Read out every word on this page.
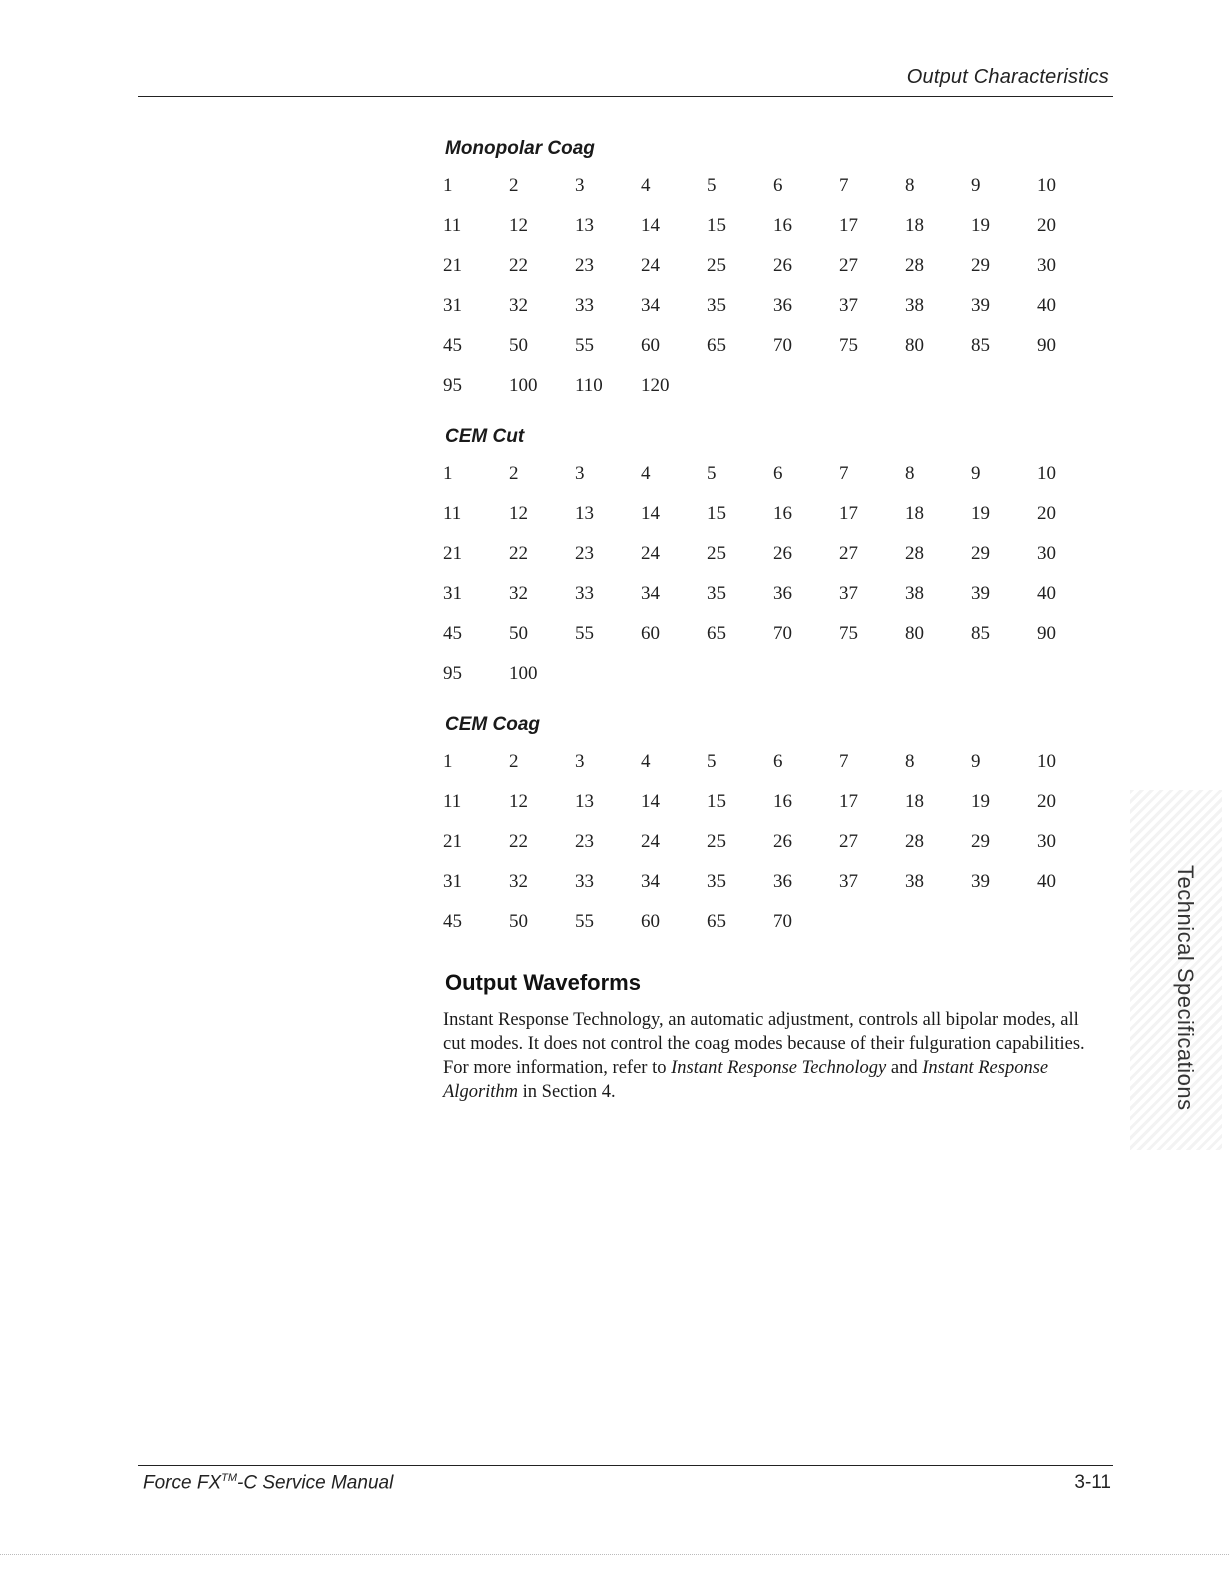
Output Characteristics
Monopolar Coag
1	2	3	4	5	6	7	8	9	10
11	12	13	14	15	16	17	18	19	20
21	22	23	24	25	26	27	28	29	30
31	32	33	34	35	36	37	38	39	40
45	50	55	60	65	70	75	80	85	90
95	100	110	120
CEM Cut
1	2	3	4	5	6	7	8	9	10
11	12	13	14	15	16	17	18	19	20
21	22	23	24	25	26	27	28	29	30
31	32	33	34	35	36	37	38	39	40
45	50	55	60	65	70	75	80	85	90
95	100
CEM Coag
1	2	3	4	5	6	7	8	9	10
11	12	13	14	15	16	17	18	19	20
21	22	23	24	25	26	27	28	29	30
31	32	33	34	35	36	37	38	39	40
45	50	55	60	65	70
Output Waveforms

Instant Response Technology, an automatic adjustment, controls all bipolar modes, all cut modes. It does not control the coag modes because of their fulguration capabilities. For more information, refer to Instant Response Technology and Instant Response Algorithm in Section 4.	Technical Specifications
Force FX™-C Service Manual	3-11
